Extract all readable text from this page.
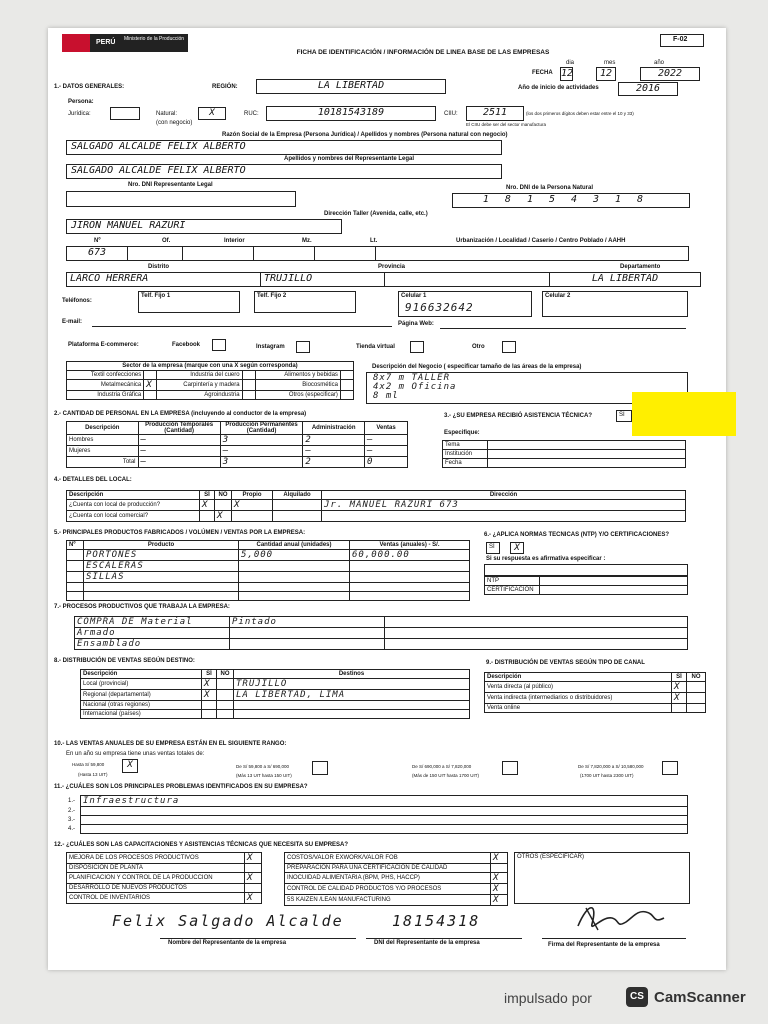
PERÚ Ministerio de la Producción	F-02
FICHA DE IDENTIFICACIÓN / INFORMACIÓN DE LINEA BASE DE LAS EMPRESAS
dia	mes	año
FECHA 12	12	2022
Año de inicio de actividades	2016
1.- DATOS GENERALES:	REGIÓN:	LA LIBERTAD
Persona:
Jurídica:	Natural:
(con negocio)
X	RUC:	10181543189	CIIU:	2511	(los dos primeros dígitos deben estar entre el 10 y 33)
El CIIU debe ser del sector manufactura
Razón Social de la Empresa (Persona Jurídica) / Apellidos y nombres (Persona natural con negocio)
SALGADO ALCALDE FELIX ALBERTO
Apellidos y nombres del Representante Legal
SALGADO ALCALDE FELIX ALBERTO
Nro. DNI Representante Legal	Nro. DNI de la Persona Natural
18154318
Dirección Taller (Avenida, calle, etc.)
JIRON MANUEL RAZURI
Nº	Of.	Interior	Mz.	Lt.	Urbanización / Localidad / Caserío / Centro Poblado / AAHH
673
Distrito	Provincia	Departamento
LARCO HERRERA	TRUJILLO	LA LIBERTAD
Teléfonos:
Telf. Fijo 1	Telf. Fijo 2	Celular 1
916632642
Celular 2
E-mail:	Página Web:
Plataforma E-commerce:	Facebook	Instagram	Tienda virtual	Otro
Sector de la empresa (marque con una X según corresponda)					
Textil confecciones		Industria del cuero		Alimentos y bebidas	
Metalmecánica	X	Carpintería y madera		Biocosmética	
Industria Gráfica		Agroindustria		Otros (especificar)	
Descripción del Negocio ( especificar tamaño de las áreas de la empresa)
8x7 m TALLER
4x2 m Oficina
8 ml
2.- CANTIDAD DE PERSONAL EN LA EMPRESA (incluyendo al conductor de la empresa)
Descripción	Producción Temporales (Cantidad)	Producción Permanentes (Cantidad)	Administración	Ventas
Hombres	—	3	2	—
Mujeres	—	—	—	—
Total	—	3	2	0
3.- ¿SU EMPRESA RECIBIÓ ASISTENCIA TÉCNICA?	SI
Especifique:
Tema	
Institución	
Fecha	
4.- DETALLES DEL LOCAL:
Descripción	SÍ	NO	Propio	Alquilado	Dirección
¿Cuenta con local de producción?	X		X		Jr. MANUEL RAZURI 673
¿Cuenta con local comercial?		X			
5.- PRINCIPALES PRODUCTOS FABRICADOS / VOLÚMEN / VENTAS POR LA EMPRESA:
Nº	Producto	Cantidad anual (unidades)	Ventas (anuales) - S/.
	PORTONES	5,000	60,000.00
	ESCALERAS		
	SILLAS		

6.- ¿APLICA NORMAS TECNICAS (NTP) Y/O CERTIFICACIONES?
SÍ	X
Si su respuesta es afirmativa especificar :
NTP	
CERTIFICACIÓN	
7.- PROCESOS PRODUCTIVOS QUE TRABAJA LA EMPRESA:
COMPRA DE Material	Pintado	
Armado		
Ensamblado		
8.- DISTRIBUCIÓN DE VENTAS SEGÚN DESTINO:
Descripción	SÍ	NO	Destinos
Local (provincial)	X		TRUJILLO
Regional (departamental)	X		LA LIBERTAD, LIMA
Nacional (otras regiones)			
Internacional (países)			
9.- DISTRIBUCIÓN DE VENTAS SEGÚN TIPO DE CANAL
Descripción	SÍ	NO
Venta directa (al público)	X	
Venta indirecta (intermediarios o distribuidores)	X	
Venta online		
10.- LAS VENTAS ANUALES DE SU EMPRESA ESTÁN EN EL SIGUIENTE RANGO:
En un año su empresa tiene unas ventas totales de:
Hasta S/ 59,800
(Hasta 13 UIT)
X	De S/ 59,800 a S/ 690,000
(Más 13 UIT hasta 150 UIT)
De S/ 690,000 a S/ 7,820,000
(Más de 150 UIT hasta 1700 UIT)
De S/ 7,820,000 a S/ 10,580,000
(1700 UIT hasta 2300 UIT)
11.- ¿CUÁLES SON LOS PRINCIPALES PROBLEMAS IDENTIFICADOS EN SU EMPRESA?
1.-	Infraestructura
2.-	
3.-	
4.-	
12.- ¿CUÁLES SON LAS CAPACITACIONES Y ASISTENCIAS TÉCNICAS QUE NECESITA SU EMPRESA?
MEJORA DE LOS PROCESOS PRODUCTIVOS	X
DISPOSICIÓN DE PLANTA	
PLANIFICACION Y CONTROL DE LA PRODUCCION	X
DESARROLLO DE NUEVOS PRODUCTOS	
CONTROL DE INVENTARIOS	X
COSTOS/VALOR EXWORK/VALOR FOB	X
PREPARACIÓN PARA UNA CERTIFICACION DE CALIDAD	
INOCUIDAD ALIMENTARIA (BPM, PHS, HACCP)	X
CONTROL DE CALIDAD PRODUCTOS Y/O PROCESOS	X
5S KAIZEN /LEAN MANUFACTURING	X
OTROS (ESPECIFICAR)
Felix Salgado Alcalde	18154318
Nombre del Representante de la empresa	DNI del Representante de la empresa	Firma del Representante de la empresa
impulsado por	CS CamScanner
